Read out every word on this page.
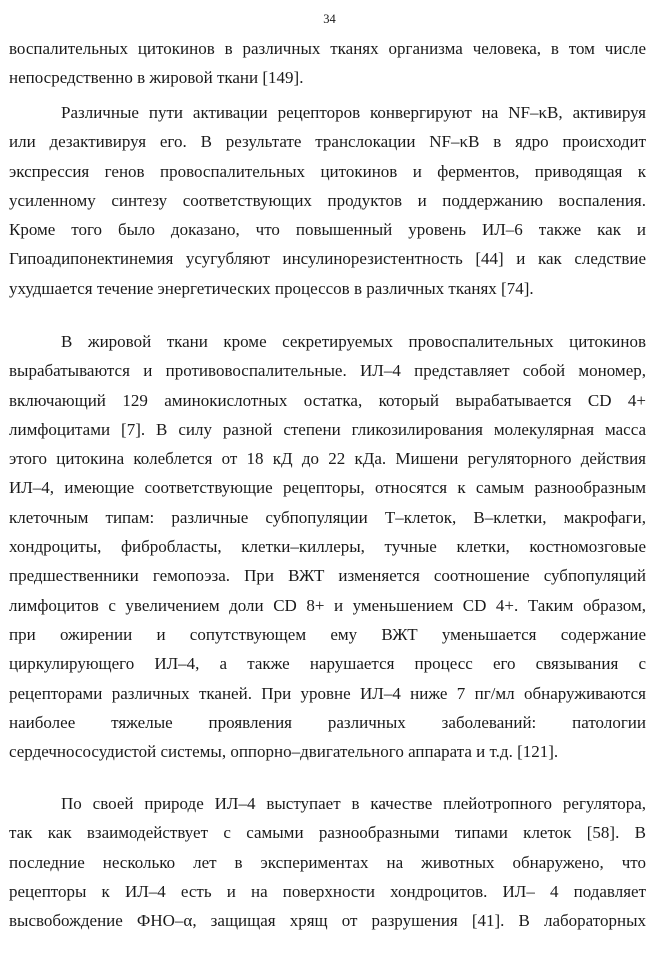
34
воспалительных цитокинов в различных тканях организма человека, в том числе
непосредственно в жировой ткани [149].
Различные пути активации рецепторов конвергируют на NF–κB, активируя
или дезактивируя его. В результате транслокации NF–κB в ядро происходит
экспрессия генов провоспалительных цитокинов и ферментов, приводящая к
усиленному синтезу соответствующих продуктов и поддержанию воспаления.
Кроме того было доказано, что повышенный уровень ИЛ–6 также как и
Гипоадипонектинемия усугубляют инсулинорезистентность [44] и как следствие
ухудшается течение энергетических процессов в различных тканях [74].
В жировой ткани кроме секретируемых провоспалительных цитокинов
вырабатываются и противовоспалительные. ИЛ–4 представляет собой мономер,
включающий 129 аминокислотных остатка, который вырабатывается CD 4+
лимфоцитами [7]. В силу разной степени гликозилирования молекулярная масса
этого цитокина колеблется от 18 кД до 22 кДа. Мишени регуляторного действия
ИЛ–4, имеющие соответствующие рецепторы, относятся к самым разнообразным
клеточным типам: различные субпопуляции Т–клеток, В–клетки, макрофаги,
хондроциты, фибробласты, клетки–киллеры, тучные клетки, костномозговые
предшественники гемопоэза. При ВЖТ изменяется соотношение субпопуляций
лимфоцитов с увеличением доли CD 8+ и уменьшением CD 4+. Таким образом,
при ожирении и сопутствующем ему ВЖТ уменьшается содержание
циркулирующего ИЛ–4, а также нарушается процесс его связывания с
рецепторами различных тканей. При уровне ИЛ–4 ниже 7 пг/мл обнаруживаются
наиболее тяжелые проявления различных заболеваний: патологии
сердечнососудистой системы, оппорно–двигательного аппарата и т.д. [121].
По своей природе ИЛ–4 выступает в качестве плейотропного регулятора,
так как взаимодействует с самыми разнообразными типами клеток [58]. В
последние несколько лет в экспериментах на животных обнаружено, что
рецепторы к ИЛ–4 есть и на поверхности хондроцитов. ИЛ– 4 подавляет
высвобождение ФНО–α, защищая хрящ от разрушения [41]. В лабораторных
